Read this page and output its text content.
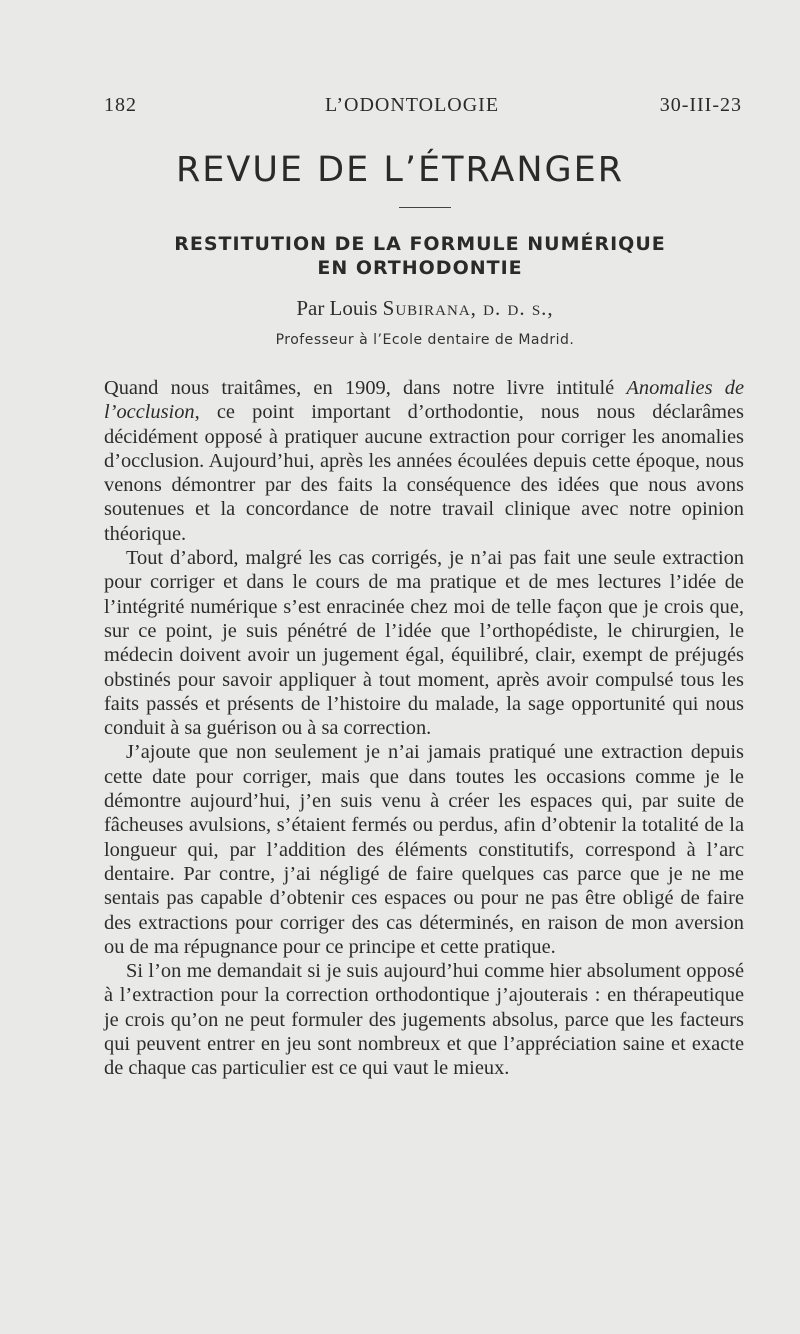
182	L’ODONTOLOGIE	30-III-23
REVUE DE L’ÉTRANGER
RESTITUTION DE LA FORMULE NUMÉRIQUE
EN ORTHODONTIE
Par Louis Subirana, d. d. s.,
Professeur à l’Ecole dentaire de Madrid.

Quand nous traitâmes, en 1909, dans notre livre intitulé Anomalies de l’occlusion, ce point important d’orthodontie, nous nous déclarâmes décidément opposé à pratiquer aucune extraction pour corriger les anomalies d’occlusion. Aujourd’hui, après les années écoulées depuis cette époque, nous venons démontrer par des faits la conséquence des idées que nous avons soutenues et la concordance de notre travail clinique avec notre opinion théorique.

Tout d’abord, malgré les cas corrigés, je n’ai pas fait une seule extraction pour corriger et dans le cours de ma pratique et de mes lectures l’idée de l’intégrité numérique s’est enracinée chez moi de telle façon que je crois que, sur ce point, je suis pénétré de l’idée que l’orthopédiste, le chirurgien, le médecin doivent avoir un jugement égal, équilibré, clair, exempt de préjugés obstinés pour savoir appliquer à tout moment, après avoir compulsé tous les faits passés et présents de l’histoire du malade, la sage opportunité qui nous conduit à sa guérison ou à sa correction.

J’ajoute que non seulement je n’ai jamais pratiqué une extraction depuis cette date pour corriger, mais que dans toutes les occasions comme je le démontre aujourd’hui, j’en suis venu à créer les espaces qui, par suite de fâcheuses avulsions, s’étaient fermés ou perdus, afin d’obtenir la totalité de la longueur qui, par l’addition des éléments constitutifs, correspond à l’arc dentaire. Par contre, j’ai négligé de faire quelques cas parce que je ne me sentais pas capable d’obtenir ces espaces ou pour ne pas être obligé de faire des extractions pour corriger des cas déterminés, en raison de mon aversion ou de ma répugnance pour ce principe et cette pratique.

Si l’on me demandait si je suis aujourd’hui comme hier absolument opposé à l’extraction pour la correction orthodontique j’ajouterais : en thérapeutique je crois qu’on ne peut formuler des jugements absolus, parce que les facteurs qui peuvent entrer en jeu sont nombreux et que l’appréciation saine et exacte de chaque cas particulier est ce qui vaut le mieux.
